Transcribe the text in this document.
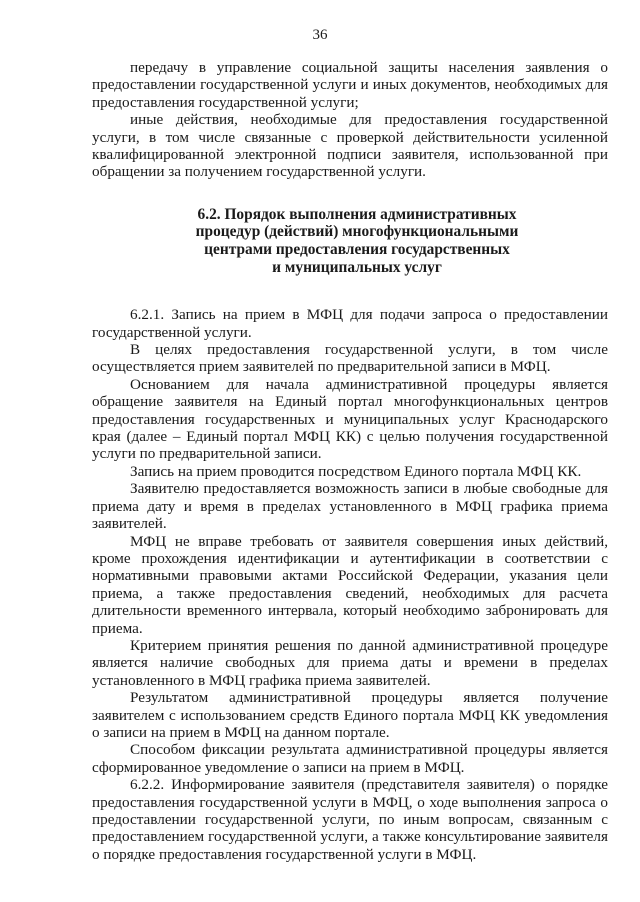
36

передачу в управление социальной защиты населения заявления о предоставлении государственной услуги и иных документов, необходимых для предоставления государственной услуги;

иные действия, необходимые для предоставления государственной услуги, в том числе связанные с проверкой действительности усиленной квалифицированной электронной подписи заявителя, использованной при обращении за получением государственной услуги.

6.2. Порядок выполнения административных
процедур (действий) многофункциональными
центрами предоставления государственных
и муниципальных услуг

6.2.1. Запись на прием в МФЦ для подачи запроса о предоставлении государственной услуги.

В целях предоставления государственной услуги, в том числе осуществляется прием заявителей по предварительной записи в МФЦ.

Основанием для начала административной процедуры является обращение заявителя на Единый портал многофункциональных центров предоставления государственных и муниципальных услуг Краснодарского края (далее – Единый портал МФЦ КК) с целью получения государственной услуги по предварительной записи.

Запись на прием проводится посредством Единого портала МФЦ КК.

Заявителю предоставляется возможность записи в любые свободные для приема дату и время в пределах установленного в МФЦ графика приема заявителей.

МФЦ не вправе требовать от заявителя совершения иных действий, кроме прохождения идентификации и аутентификации в соответствии с нормативными правовыми актами Российской Федерации, указания цели приема, а также предоставления сведений, необходимых для расчета длительности временного интервала, который необходимо забронировать для приема.

Критерием принятия решения по данной административной процедуре является наличие свободных для приема даты и времени в пределах установленного в МФЦ графика приема заявителей.

Результатом административной процедуры является получение заявителем с использованием средств Единого портала МФЦ КК уведомления о записи на прием в МФЦ на данном портале.

Способом фиксации результата административной процедуры является сформированное уведомление о записи на прием в МФЦ.

6.2.2. Информирование заявителя (представителя заявителя) о порядке предоставления государственной услуги в МФЦ, о ходе выполнения запроса о предоставлении государственной услуги, по иным вопросам, связанным с предоставлением государственной услуги, а также консультирование заявителя о порядке предоставления государственной услуги в МФЦ.
